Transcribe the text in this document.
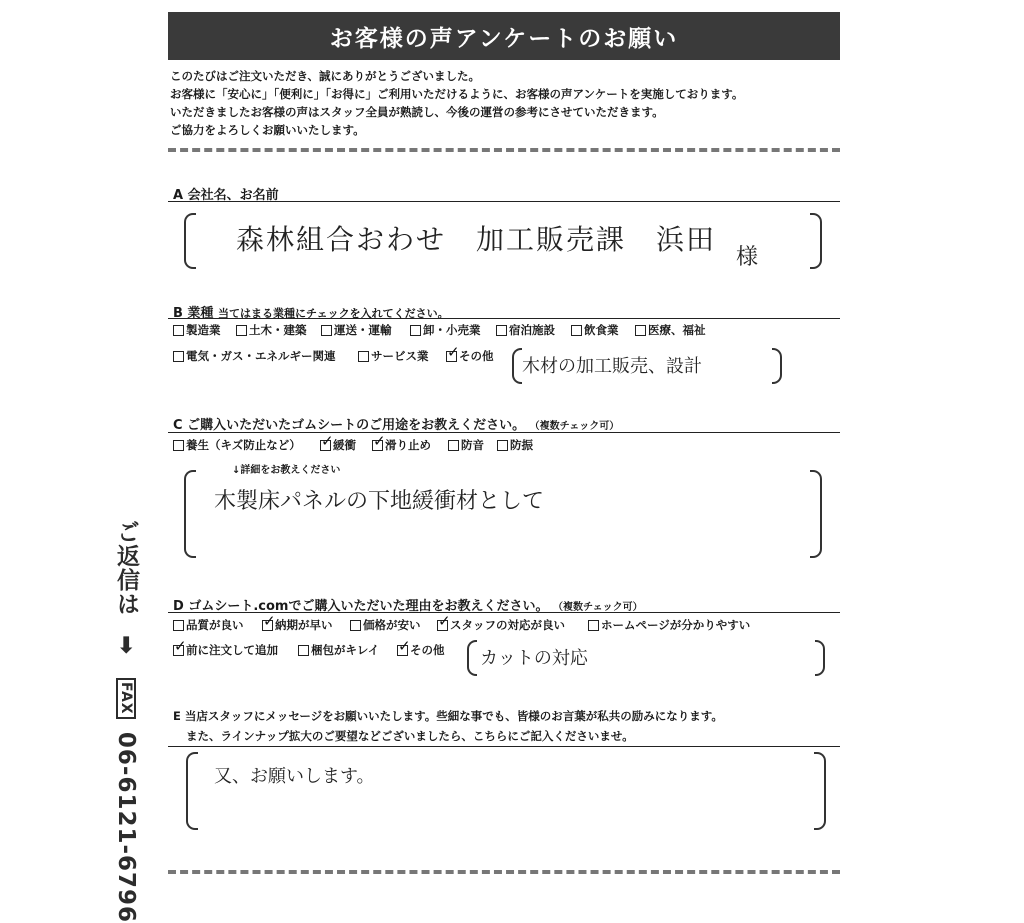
お客様の声アンケートのお願い
このたびはご注文いただき、誠にありがとうございました。
お客様に「安心に」「便利に」「お得に」ご利用いただけるように、お客様の声アンケートを実施しております。
いただきましたお客様の声はスタッフ全員が熟読し、今後の運営の参考にさせていただきます。
ご協力をよろしくお願いいたします。
A 会社名、お名前
森林組合おわせ　加工販売課　浜田
様
B 業種 当てはまる業種にチェックを入れてください。
製造業 土木・建築 運送・運輸	卸・小売業 宿泊施設	飲食業	医療、福祉
電気・ガス・エネルギー関連	サービス業 ✓	その他 木材の加工販売、設計
C ご購入いただいたゴムシートのご用途をお教えください。 （複数チェック可）
養生（キズ防止など） ✓	緩衝 ✓	滑り止め	防音 防振
↓詳細をお教えください
木製床パネルの下地緩衝材として
D ゴムシート.comでご購入いただいた理由をお教えください。 （複数チェック可）
品質が良い ✓	納期が早い	価格が安い ✓	スタッフの対応が良い	ホームページが分かりやすい
✓
前に注文して追加	梱包がキレイ ✓	その他 カットの対応
E 当店スタッフにメッセージをお願いいたします。些細な事でも、皆様のお言葉が私共の励みになります。
また、ラインナップ拡大のご要望などございましたら、こちらにご記入くださいませ。
又、お願いします。
ご返信は ➡ FAX 06-6121-6796
